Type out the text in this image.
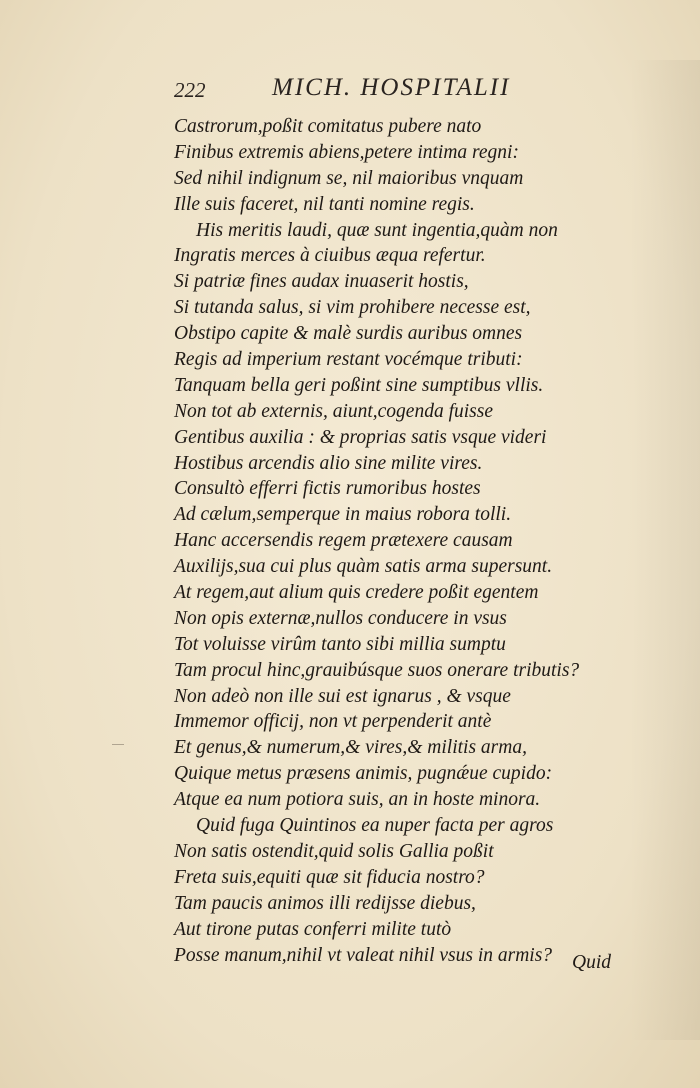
222	MICH. HOSPITALII
Castrorum,poßit comitatus pubere nato
Finibus extremis abiens,petere intima regni:
Sed nihil indignum se, nil maioribus vnquam
Ille suis faceret, nil tanti nomine regis.
His meritis laudi, quæ sunt ingentia,quàm non
Ingratis merces à ciuibus æqua refertur.
Si patriæ fines audax inuaserit hostis,
Si tutanda salus, si vim prohibere necesse est,
Obstipo capite & malè surdis auribus omnes
Regis ad imperium restant vocémque tributi:
Tanquam bella geri poßint sine sumptibus vllis.
Non tot ab externis, aiunt,cogenda fuisse
Gentibus auxilia : & proprias satis vsque videri
Hostibus arcendis alio sine milite vires.
Consultò efferri fictis rumoribus hostes
Ad cælum,semperque in maius robora tolli.
Hanc accersendis regem prætexere causam
Auxilijs,sua cui plus quàm satis arma supersunt.
At regem,aut alium quis credere poßit egentem
Non opis externæ,nullos conducere in vsus
Tot voluisse virûm tanto sibi millia sumptu
Tam procul hinc,grauibúsque suos onerare tributis?
Non adeò non ille sui est ignarus , & vsque
Immemor officij, non vt perpenderit antè
Et genus,& numerum,& vires,& militis arma,
Quique metus præsens animis, pugnǽue cupido:
Atque ea num potiora suis, an in hoste minora.
Quid fuga Quintinos ea nuper facta per agros
Non satis ostendit,quid solis Gallia poßit
Freta suis,equiti quæ sit fiducia nostro?
Tam paucis animos illi redijsse diebus,
Aut tirone putas conferri milite tutò
Posse manum,nihil vt valeat nihil vsus in armis?	Quid
